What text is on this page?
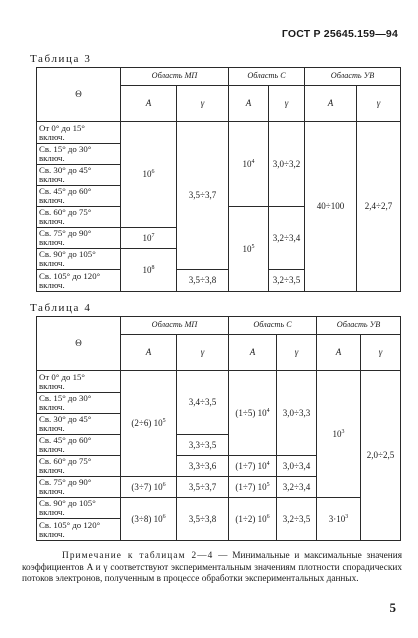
ГОСТ Р 25645.159—94
Таблица 3
Θ	Область МП		Область С		Область УВ	
	A	γ	A	γ	A	γ
От 0° до 15°
включ.	$10^6$	3,5÷3,7	$10^4$	3,0÷3,2	40÷100	2,4÷2,7
Св. 15° до 30°
включ.						
Св. 30° до 45°
включ.						
Св. 45° до 60°
включ.						
Св. 60° до 75°
включ.			$10^5$	3,2÷3,4		
Св. 75° до 90°
включ.	$10^7$
Св. 90° до 105°
включ.	$10^8$
Св. 105° до 120°
включ.		3,5÷3,8		3,2÷3,5		
Таблица 4
Θ	Область МП		Область С		Область УВ	
	A	γ	A	γ	A	γ
От 0° до 15°
включ.	(2÷6) $10^5$	3,4÷3,5	(1÷5) $10^4$	3,0÷3,3	$10^3$	2,0÷2,5
Св. 15° до 30°
включ.						
Св. 30° до 45°
включ.						
Св. 45° до 60°
включ.		3,3÷3,5				
Св. 60° до 75°
включ.		3,3÷3,6	(1÷7) $10^4$	3,0÷3,4		
Св. 75° до 90°
включ.	(3÷7) $10^6$	3,5÷3,7	(1÷7) $10^5$	3,2÷3,4		
Св. 90° до 105°
включ.	(3÷8) $10^6$	3,5÷3,8	(1÷2) $10^6$	3,2÷3,5	$3\cdot 10^3$
Св. 105° до 120°
включ.						
Примечание к таблицам 2—4 — Минимальные и максимальные значения коэффициентов A и γ соответствуют экспериментальным значениям плотности спорадических потоков электронов, полученным в процессе обработки экспериментальных данных.
5
